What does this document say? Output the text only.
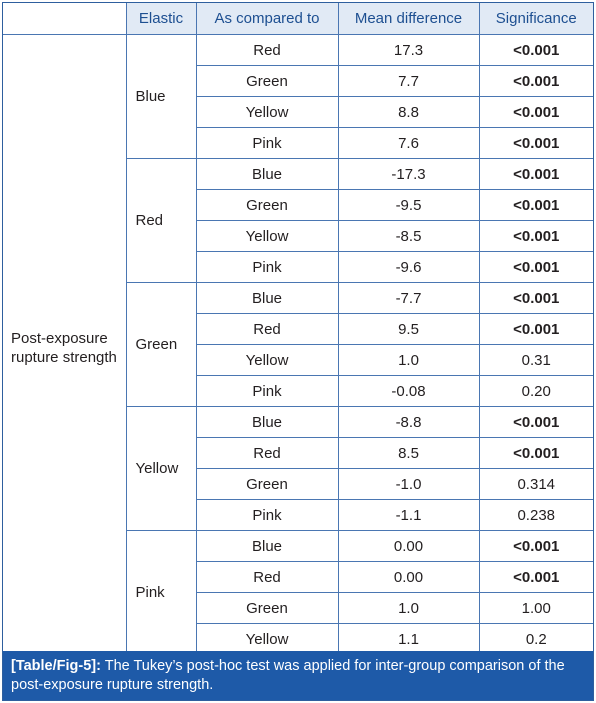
	Elastic	As compared to	Mean difference	Significance
Post-exposure rupture strength	Blue	Red	17.3	<0.001
		Green	7.7	<0.001
		Yellow	8.8	<0.001
		Pink	7.6	<0.001
	Red	Blue	-17.3	<0.001
		Green	-9.5	<0.001
		Yellow	-8.5	<0.001
		Pink	-9.6	<0.001
	Green	Blue	-7.7	<0.001
		Red	9.5	<0.001
		Yellow	1.0	0.31
		Pink	-0.08	0.20
	Yellow	Blue	-8.8	<0.001
		Red	8.5	<0.001
		Green	-1.0	0.314
		Pink	-1.1	0.238
	Pink	Blue	0.00	<0.001
		Red	0.00	<0.001
		Green	1.0	1.00
		Yellow	1.1	0.2
[Table/Fig-5]: The Tukey’s post-hoc test was applied for inter-group comparison of the post-exposure rupture strength.
